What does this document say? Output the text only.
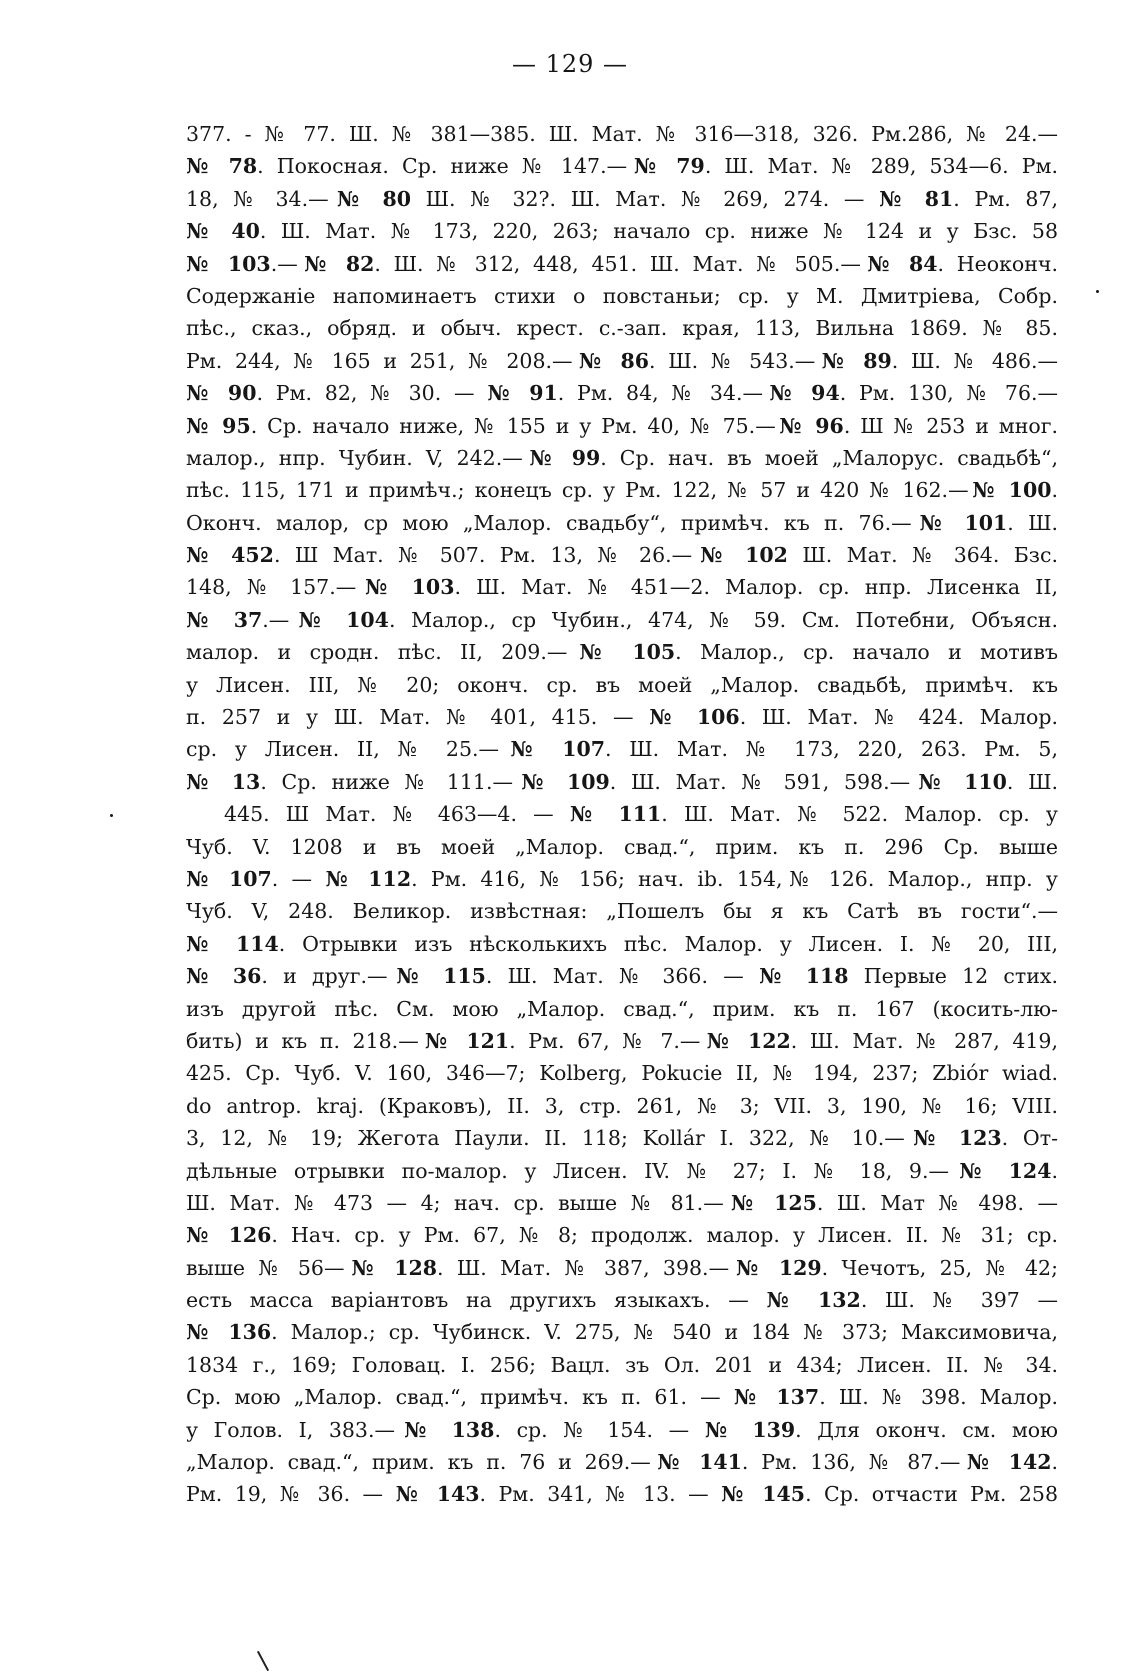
— 129 —
377. - № 77. Ш. № 381—385. Ш. Мат. № 316—318, 326. Рм.286, № 24.—
№ 78. Покосная. Ср. ниже № 147.—№ 79. Ш. Мат. № 289, 534—6. Рм.
18, № 34.—№ 80 Ш. № 32?. Ш. Мат. № 269, 274. — № 81. Рм. 87,
№ 40. Ш. Мат. № 173, 220, 263; начало ср. ниже № 124 и у Бзс. 58
№ 103.—№ 82. Ш. № 312, 448, 451. Ш. Мат. № 505.—№ 84. Неоконч.
Содержаніе напоминаетъ стихи о повстаньи; ср. у М. Дмитріева, Собр.
пѣс., сказ., обряд. и обыч. крест. с.-зап. края, 113, Вильна 1869. № 85.
Рм. 244, № 165 и 251, № 208.—№ 86. Ш. № 543.—№ 89. Ш. № 486.—
№ 90. Рм. 82, № 30. — № 91. Рм. 84, № 34.—№ 94. Рм. 130, № 76.—
№ 95. Ср. начало ниже, № 155 и у Рм. 40, № 75.—№ 96. Ш № 253 и мног.
малор., нпр. Чубин. V, 242.—№ 99. Ср. нач. въ моей „Малорус. свадьбѣ“,
пѣс. 115, 171 и примѣч.; конецъ ср. у Рм. 122, № 57 и 420 № 162.—№ 100.
Оконч. малор, ср мою „Малор. свадьбу“, примѣч. къ п. 76.—№ 101. Ш.
№ 452. Ш Мат. № 507. Рм. 13, № 26.—№ 102 Ш. Мат. № 364. Бзс.
148, № 157.—№ 103. Ш. Мат. № 451—2. Малор. ср. нпр. Лисенка II,
№ 37.—№ 104. Малор., ср Чубин., 474, № 59. См. Потебни, Объясн.
малор. и сродн. пѣс. II, 209.—№ 105. Малор., ср. начало и мотивъ
у Лисен. III, № 20; оконч. ср. въ моей „Малор. свадьбѣ, примѣч. къ
п. 257 и у Ш. Мат. № 401, 415. — № 106. Ш. Мат. № 424. Малор.
ср. у Лисен. II, № 25.—№ 107. Ш. Мат. № 173, 220, 263. Рм. 5,
№ 13. Ср. ниже № 111.—№ 109. Ш. Мат. № 591, 598.—№ 110. Ш.
445. Ш Мат. № 463—4. — № 111. Ш. Мат. № 522. Малор. ср. у
Чуб. V. 1208 и въ моей „Малор. свад.“, прим. къ п. 296 Ср. выше
№ 107. — № 112. Рм. 416, № 156; нач. ib. 154,№ 126. Малор., нпр. у
Чуб. V, 248. Великор. извѣстная: „Пошелъ бы я къ Сатѣ въ гости“.—
№ 114. Отрывки изъ нѣсколькихъ пѣс. Малор. у Лисен. I. № 20, III,
№ 36. и друг.—№ 115. Ш. Мат. № 366. — № 118 Первые 12 стих.
изъ другой пѣс. См. мою „Малор. свад.“, прим. къ п. 167 (косить-лю-
бить) и къ п. 218.—№ 121. Рм. 67, № 7.—№ 122. Ш. Мат. № 287, 419,
425. Ср. Чуб. V. 160, 346—7; Kolberg, Pokucie II, № 194, 237; Zbiór wiad.
do antrop. kraj. (Краковъ), II. 3, стр. 261, № 3; VII. 3, 190, № 16; VIII.
3, 12, № 19; Жегота Паули. II. 118; Kollár I. 322, № 10.—№ 123. От-
дѣльные отрывки по-малор. у Лисен. IV. № 27; I. № 18, 9.—№ 124.
Ш. Мат. № 473 — 4; нач. ср. выше № 81.—№ 125. Ш. Мат № 498. —
№ 126. Нач. ср. у Рм. 67, № 8; продолж. малор. у Лисен. II. № 31; ср.
выше № 56—№ 128. Ш. Мат. № 387, 398.—№ 129. Чечотъ, 25, № 42;
есть масса варіантовъ на другихъ языкахъ. — № 132. Ш. № 397 —
№ 136. Малор.; ср. Чубинск. V. 275, № 540 и 184 № 373; Максимовича,
1834 г., 169; Головац. I. 256; Вацл. зъ Ол. 201 и 434; Лисен. II. № 34.
Ср. мою „Малор. свад.“, примѣч. къ п. 61. — № 137. Ш. № 398. Малор.
у Голов. I, 383.—№ 138. ср. № 154. — № 139. Для оконч. см. мою
„Малор. свад.“, прим. къ п. 76 и 269.—№ 141. Рм. 136, № 87.—№ 142.
Рм. 19, № 36. — № 143. Рм. 341, № 13. — № 145. Ср. отчасти Рм. 258
